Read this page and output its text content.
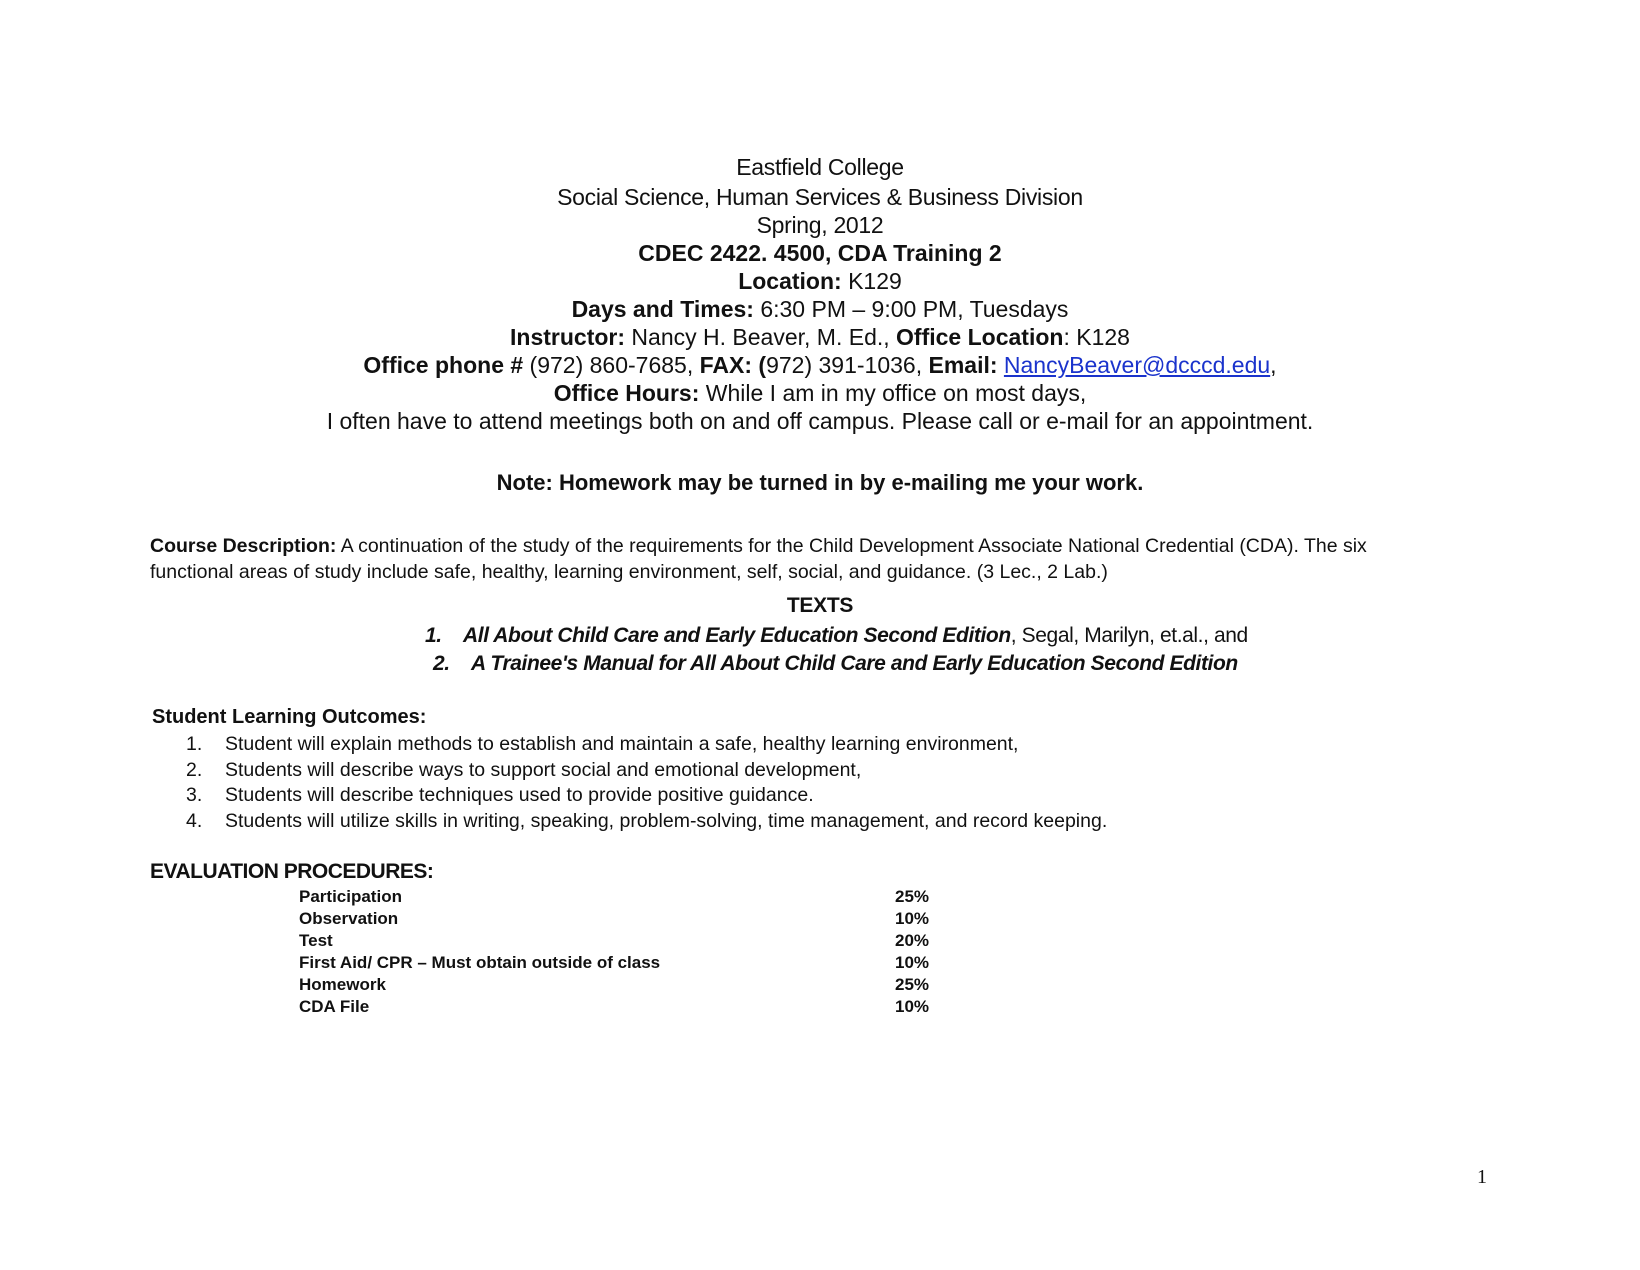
Eastfield College
Social Science, Human Services & Business Division
Spring, 2012
CDEC 2422. 4500, CDA Training 2
Location: K129
Days and Times: 6:30 PM – 9:00 PM, Tuesdays
Instructor: Nancy H. Beaver, M. Ed., Office Location: K128
Office phone # (972) 860-7685, FAX: (972) 391-1036, Email: NancyBeaver@dcccd.edu,
Office Hours: While I am in my office on most days,
I often have to attend meetings both on and off campus. Please call or e-mail for an appointment.
Note: Homework may be turned in by e-mailing me your work.
Course Description: A continuation of the study of the requirements for the Child Development Associate National Credential (CDA). The six functional areas of study include safe, healthy, learning environment, self, social, and guidance. (3 Lec., 2 Lab.)
TEXTS
1. All About Child Care and Early Education Second Edition, Segal, Marilyn, et.al., and
2. A Trainee's Manual for All About Child Care and Early Education Second Edition
Student Learning Outcomes:
1. Student will explain methods to establish and maintain a safe, healthy learning environment,
2. Students will describe ways to support social and emotional development,
3. Students will describe techniques used to provide positive guidance.
4. Students will utilize skills in writing, speaking, problem-solving, time management, and record keeping.
EVALUATION PROCEDURES:
Participation	25%
Observation	10%
Test	20%
First Aid/ CPR – Must obtain outside of class	10%
Homework	25%
CDA File	10%
1
